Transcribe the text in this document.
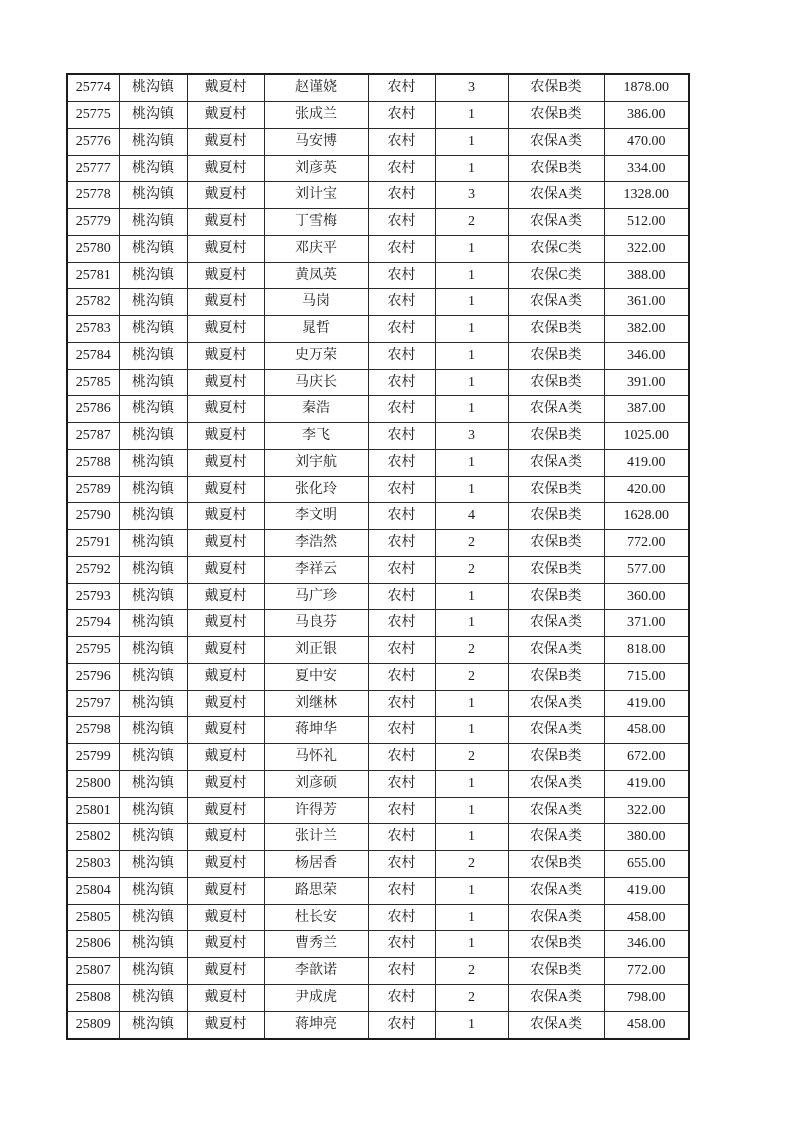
25774	桃沟镇	戴夏村	赵谨娆	农村	3	农保B类	1878.00
25775	桃沟镇	戴夏村	张成兰	农村	1	农保B类	386.00
25776	桃沟镇	戴夏村	马安博	农村	1	农保A类	470.00
25777	桃沟镇	戴夏村	刘彦英	农村	1	农保B类	334.00
25778	桃沟镇	戴夏村	刘计宝	农村	3	农保A类	1328.00
25779	桃沟镇	戴夏村	丁雪梅	农村	2	农保A类	512.00
25780	桃沟镇	戴夏村	邓庆平	农村	1	农保C类	322.00
25781	桃沟镇	戴夏村	黄凤英	农村	1	农保C类	388.00
25782	桃沟镇	戴夏村	马岗	农村	1	农保A类	361.00
25783	桃沟镇	戴夏村	晁哲	农村	1	农保B类	382.00
25784	桃沟镇	戴夏村	史万荣	农村	1	农保B类	346.00
25785	桃沟镇	戴夏村	马庆长	农村	1	农保B类	391.00
25786	桃沟镇	戴夏村	秦浩	农村	1	农保A类	387.00
25787	桃沟镇	戴夏村	李飞	农村	3	农保B类	1025.00
25788	桃沟镇	戴夏村	刘宇航	农村	1	农保A类	419.00
25789	桃沟镇	戴夏村	张化玲	农村	1	农保B类	420.00
25790	桃沟镇	戴夏村	李文明	农村	4	农保B类	1628.00
25791	桃沟镇	戴夏村	李浩然	农村	2	农保B类	772.00
25792	桃沟镇	戴夏村	李祥云	农村	2	农保B类	577.00
25793	桃沟镇	戴夏村	马广珍	农村	1	农保B类	360.00
25794	桃沟镇	戴夏村	马良芬	农村	1	农保A类	371.00
25795	桃沟镇	戴夏村	刘正银	农村	2	农保A类	818.00
25796	桃沟镇	戴夏村	夏中安	农村	2	农保B类	715.00
25797	桃沟镇	戴夏村	刘继林	农村	1	农保A类	419.00
25798	桃沟镇	戴夏村	蒋坤华	农村	1	农保A类	458.00
25799	桃沟镇	戴夏村	马怀礼	农村	2	农保B类	672.00
25800	桃沟镇	戴夏村	刘彦硕	农村	1	农保A类	419.00
25801	桃沟镇	戴夏村	许得芳	农村	1	农保A类	322.00
25802	桃沟镇	戴夏村	张计兰	农村	1	农保A类	380.00
25803	桃沟镇	戴夏村	杨居香	农村	2	农保B类	655.00
25804	桃沟镇	戴夏村	路思荣	农村	1	农保A类	419.00
25805	桃沟镇	戴夏村	杜长安	农村	1	农保A类	458.00
25806	桃沟镇	戴夏村	曹秀兰	农村	1	农保B类	346.00
25807	桃沟镇	戴夏村	李歆诺	农村	2	农保B类	772.00
25808	桃沟镇	戴夏村	尹成虎	农村	2	农保A类	798.00
25809	桃沟镇	戴夏村	蒋坤亮	农村	1	农保A类	458.00
